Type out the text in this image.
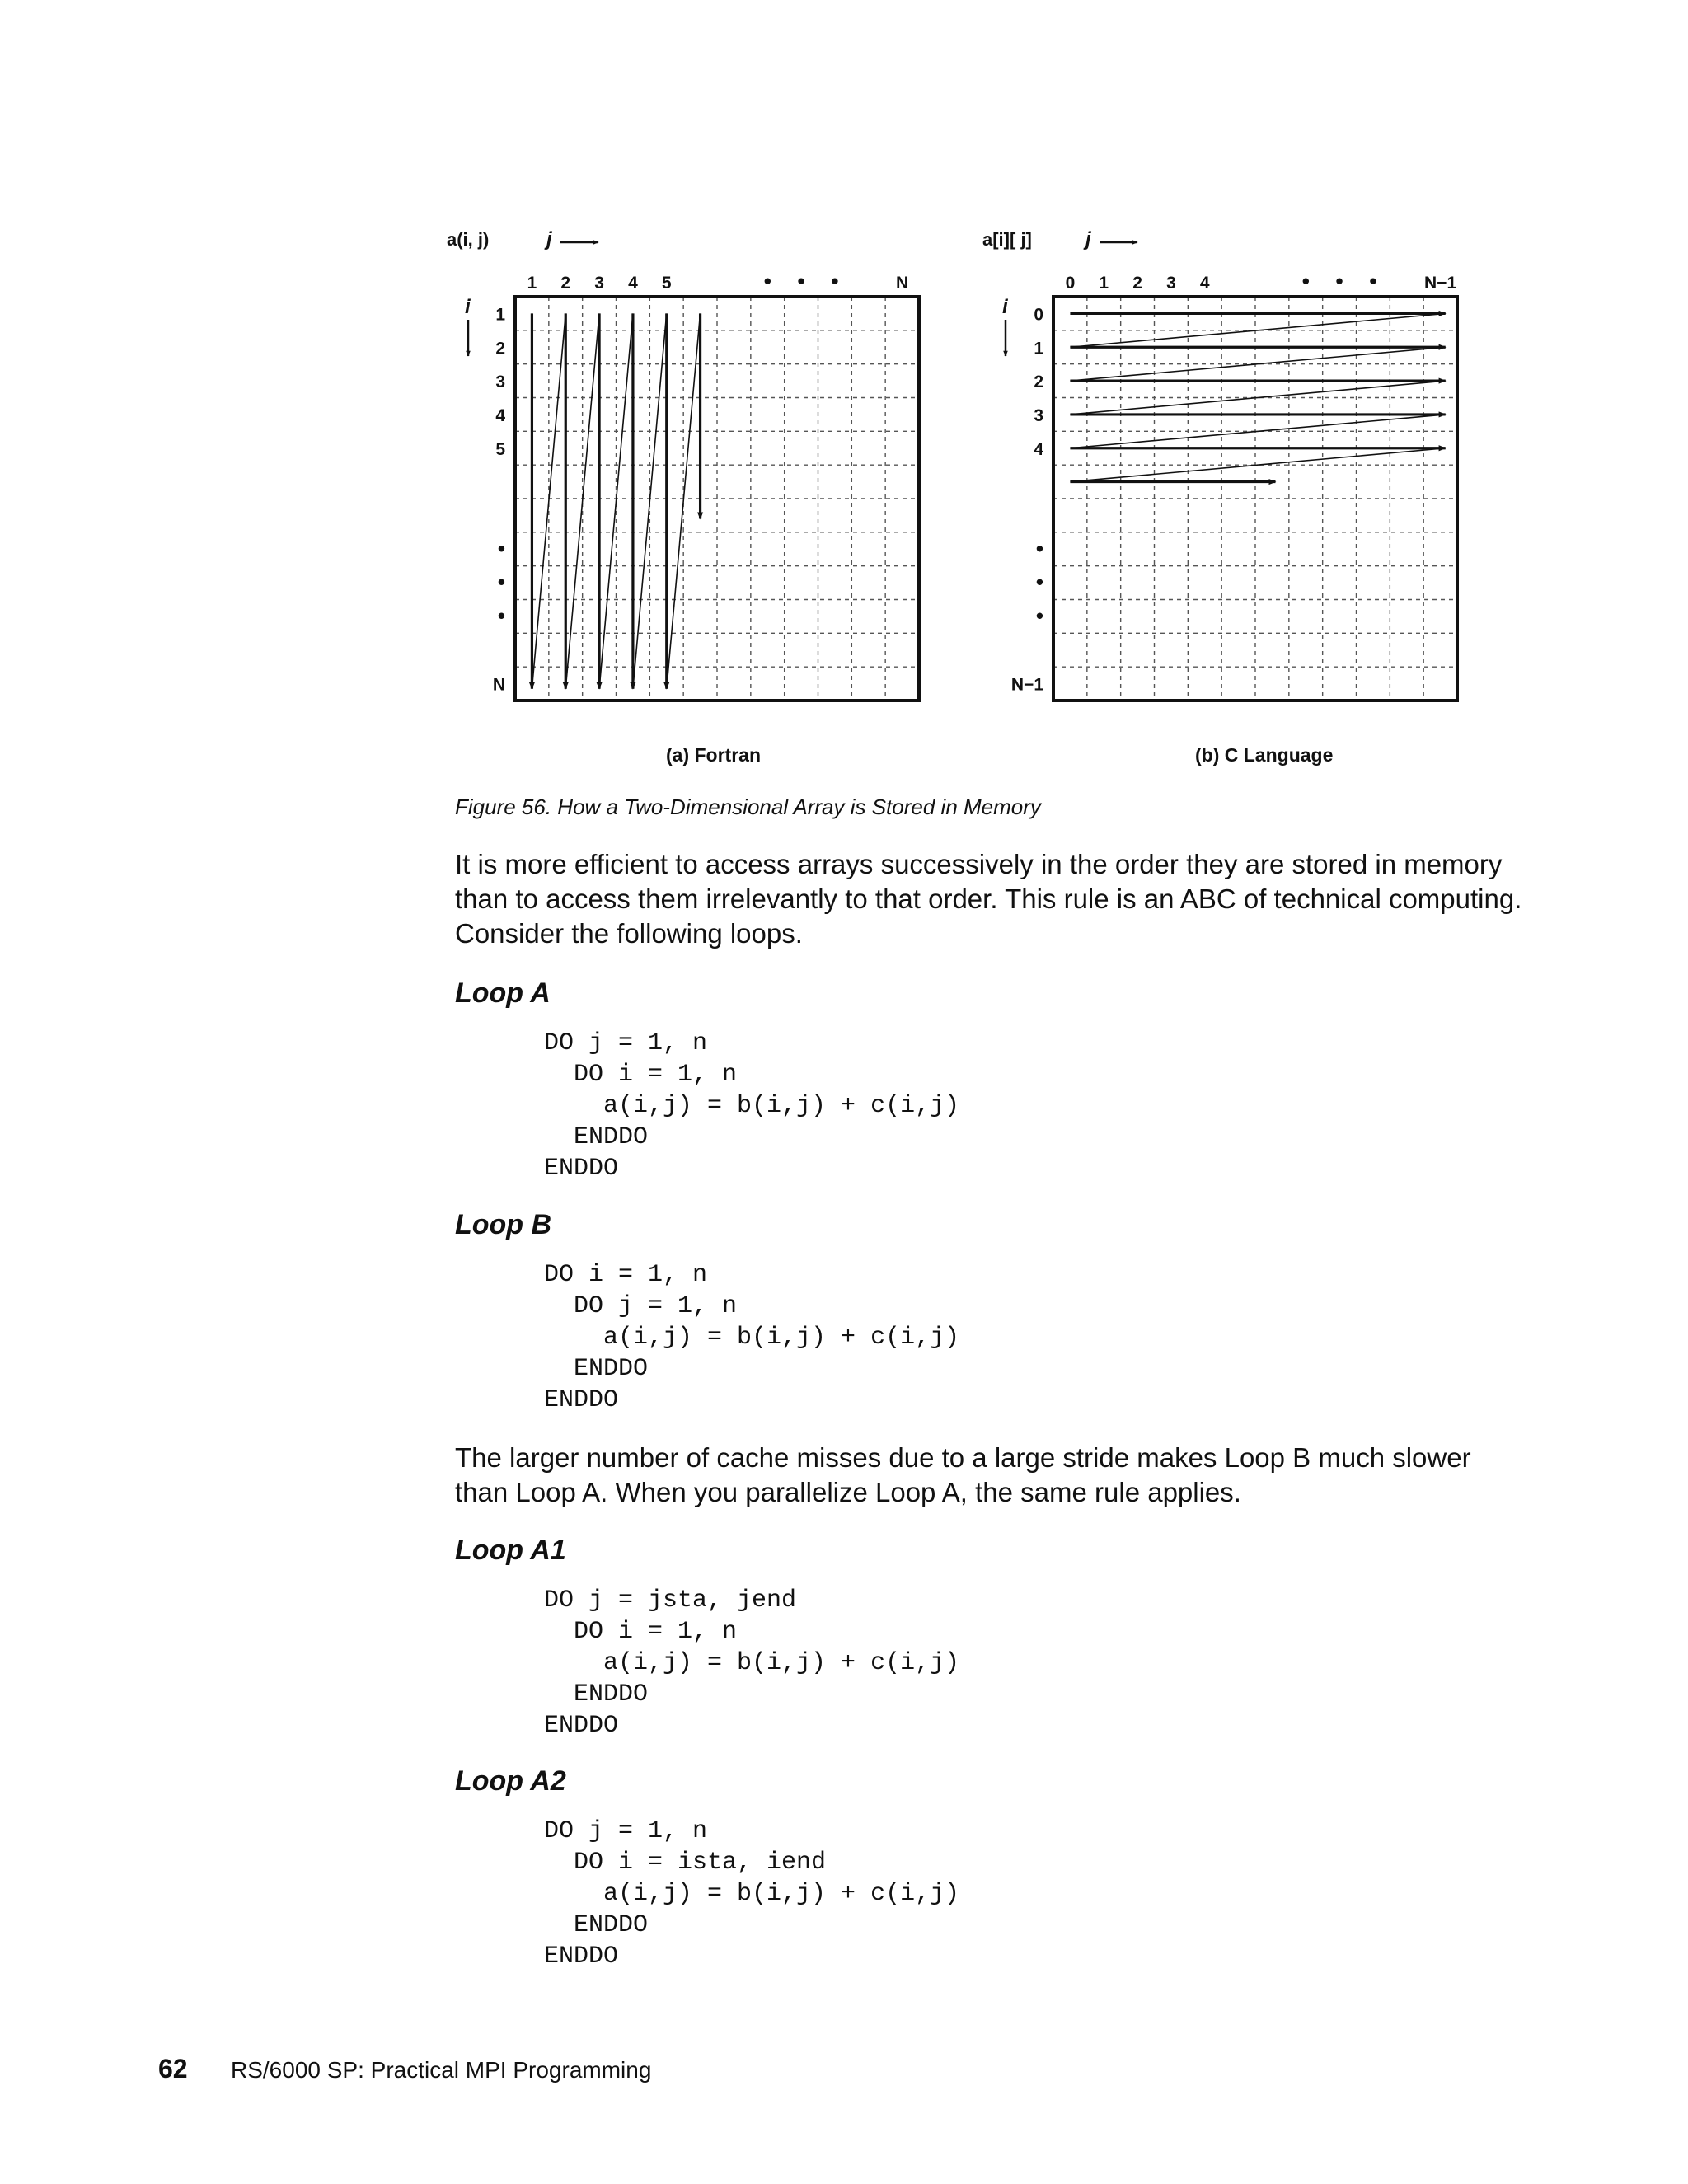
a(i, j)	j
i
1 2 3 4 5	• • •	N
1
2
3
4
5
•
•
•
N
(a) Fortran
a[i][ j]	j
i
0 1 2 3 4	• • •	N−1
0
1
2
3
4
•
•
•
N−1
(b) C Language
Figure 56. How a Two-Dimensional Array is Stored in Memory

It is more efficient to access arrays successively in the order they are stored in memory than to access them irrelevantly to that order. This rule is an ABC of technical computing. Consider the following loops.

Loop A
DO j = 1, n
DO i = 1, n
a(i,j) = b(i,j) + c(i,j)
ENDDO
ENDDO
Loop B
DO i = 1, n
DO j = 1, n
a(i,j) = b(i,j) + c(i,j)
ENDDO
ENDDO

The larger number of cache misses due to a large stride makes Loop B much slower than Loop A. When you parallelize Loop A, the same rule applies.

Loop A1
DO j = jsta, jend
DO i = 1, n
a(i,j) = b(i,j) + c(i,j)
ENDDO
ENDDO
Loop A2
DO j = 1, n
DO i = ista, iend
a(i,j) = b(i,j) + c(i,j)
ENDDO
ENDDO
62 RS/6000 SP: Practical MPI Programming
